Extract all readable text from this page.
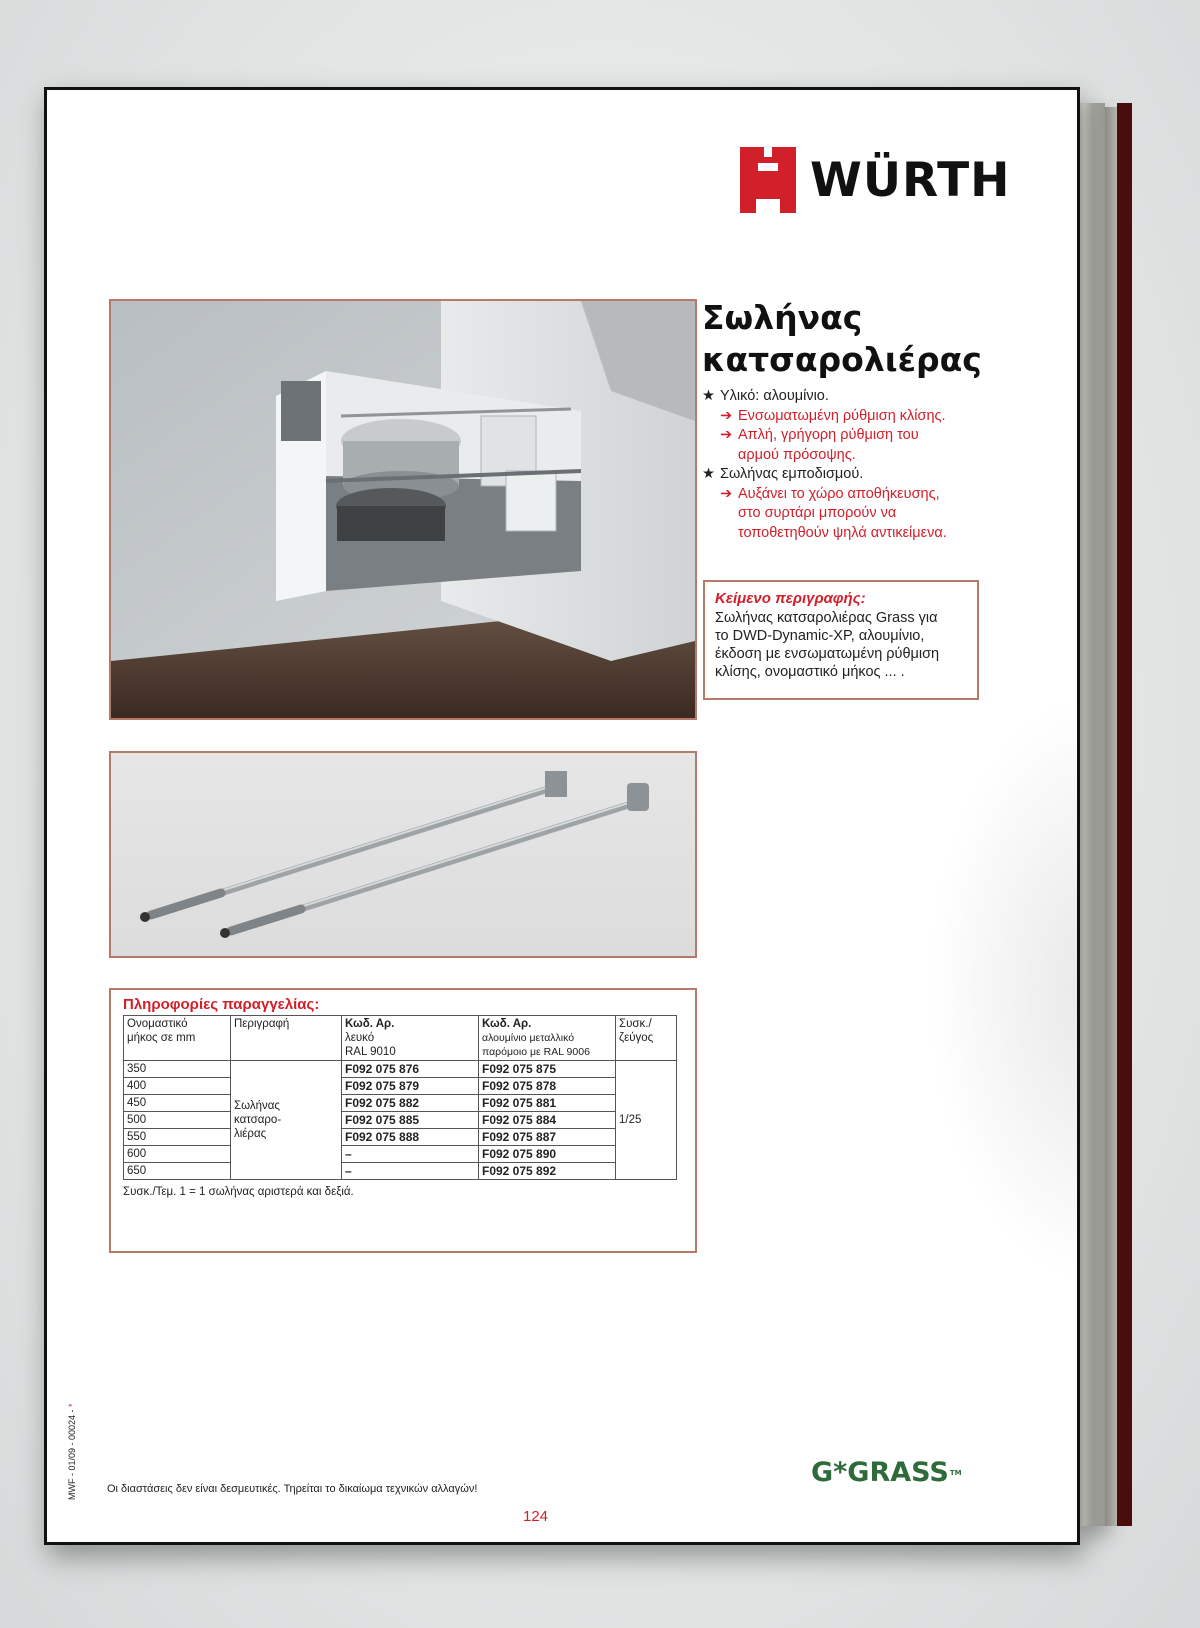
WÜRTH
Σωλήνας
κατσαρολιέρας
★ Υλικό: αλουμίνιο.
➔ Ενσωματωμένη ρύθμιση κλίσης.
➔ Απλή, γρήγορη ρύθμιση του
αρμού πρόσοψης.
★ Σωλήνας εμποδισμού.
➔ Αυξάνει το χώρο αποθήκευσης,
στο συρτάρι μπορούν να
τοποθετηθούν ψηλά αντικείμενα.
Κείμενο περιγραφής:

Σωλήνας κατσαρολιέρας Grass για
το DWD-Dynamic-XP, αλουμίνιο,
έκδοση με ενσωματωμένη ρύθμιση
κλίσης, ονομαστικό μήκος ... .

Πληροφορίες παραγγελίας:
Ονομαστικό
μήκος σε mm	Περιγραφή	Κωδ. Αρ.
λευκό
RAL 9010	Κωδ. Αρ.
αλουμίνιο μεταλλικό
παρόμοιο με RAL 9006	Συσκ./
ζεύγος
350	Σωλήνας
κατσαρο-
λιέρας	F092 075 876	F092 075 875	1/25
400		F092 075 879	F092 075 878	
450		F092 075 882	F092 075 881	
500		F092 075 885	F092 075 884	
550		F092 075 888	F092 075 887	
600		–	F092 075 890	
650		–	F092 075 892	
Συσκ./Τεμ. 1 = 1 σωλήνας αριστερά και δεξιά.
MWF - 01/09 - 00024 - *
Οι διαστάσεις δεν είναι δεσμευτικές. Τηρείται το δικαίωμα τεχνικών αλλαγών!
124
G* GRASS TM
